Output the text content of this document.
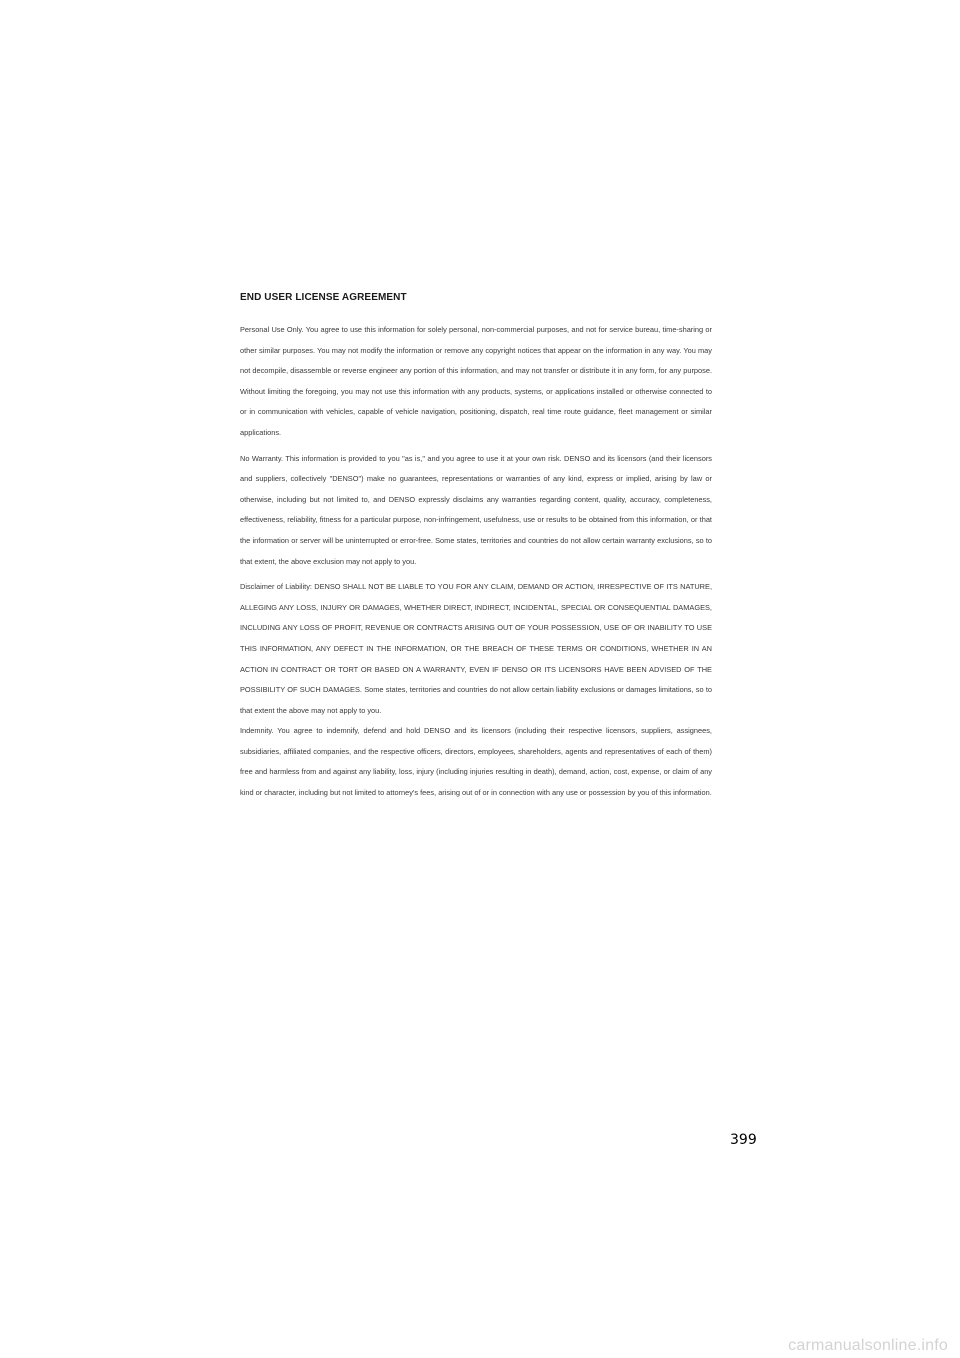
END USER LICENSE AGREEMENT

Personal Use Only. You agree to use this information for solely personal, non-commercial purposes, and not for service bureau, time-sharing or other similar purposes. You may not modify the information or remove any copyright notices that appear on the information in any way. You may not decompile, disassemble or reverse engineer any portion of this information, and may not transfer or distribute it in any form, for any purpose. Without limiting the foregoing, you may not use this information with any products, systems, or applications installed or otherwise connected to or in communication with vehicles, capable of vehicle navigation, positioning, dispatch, real time route guidance, fleet management or similar applications.

No Warranty. This information is provided to you "as is," and you agree to use it at your own risk. DENSO and its licensors (and their licensors and suppliers, collectively "DENSO") make no guarantees, representations or warranties of any kind, express or implied, arising by law or otherwise, including but not limited to, and DENSO expressly disclaims any warranties regarding content, quality, accuracy, completeness, effectiveness, reliability, fitness for a particular purpose, non-infringement, usefulness, use or results to be obtained from this information, or that the information or server will be uninterrupted or error-free. Some states, territories and countries do not allow certain warranty exclusions, so to that extent, the above exclusion may not apply to you.

Disclaimer of Liability: DENSO SHALL NOT BE LIABLE TO YOU FOR ANY CLAIM, DEMAND OR ACTION, IRRESPECTIVE OF ITS NATURE, ALLEGING ANY LOSS, INJURY OR DAMAGES, WHETHER DIRECT, INDIRECT, INCIDENTAL, SPECIAL OR CONSEQUENTIAL DAMAGES, INCLUDING ANY LOSS OF PROFIT, REVENUE OR CONTRACTS ARISING OUT OF YOUR POSSESSION, USE OF OR INABILITY TO USE THIS INFORMATION, ANY DEFECT IN THE INFORMATION, OR THE BREACH OF THESE TERMS OR CONDITIONS, WHETHER IN AN ACTION IN CONTRACT OR TORT OR BASED ON A WARRANTY, EVEN IF DENSO OR ITS LICENSORS HAVE BEEN ADVISED OF THE POSSIBILITY OF SUCH DAMAGES. Some states, territories and countries do not allow certain liability exclusions or damages limitations, so to that extent the above may not apply to you.

Indemnity. You agree to indemnify, defend and hold DENSO and its licensors (including their respective licensors, suppliers, assignees, subsidiaries, affiliated companies, and the respective officers, directors, employees, shareholders, agents and representatives of each of them) free and harmless from and against any liability, loss, injury (including injuries resulting in death), demand, action, cost, expense, or claim of any kind or character, including but not limited to attorney's fees, arising out of or in connection with any use or possession by you of this information.

399
carmanualsonline.info
